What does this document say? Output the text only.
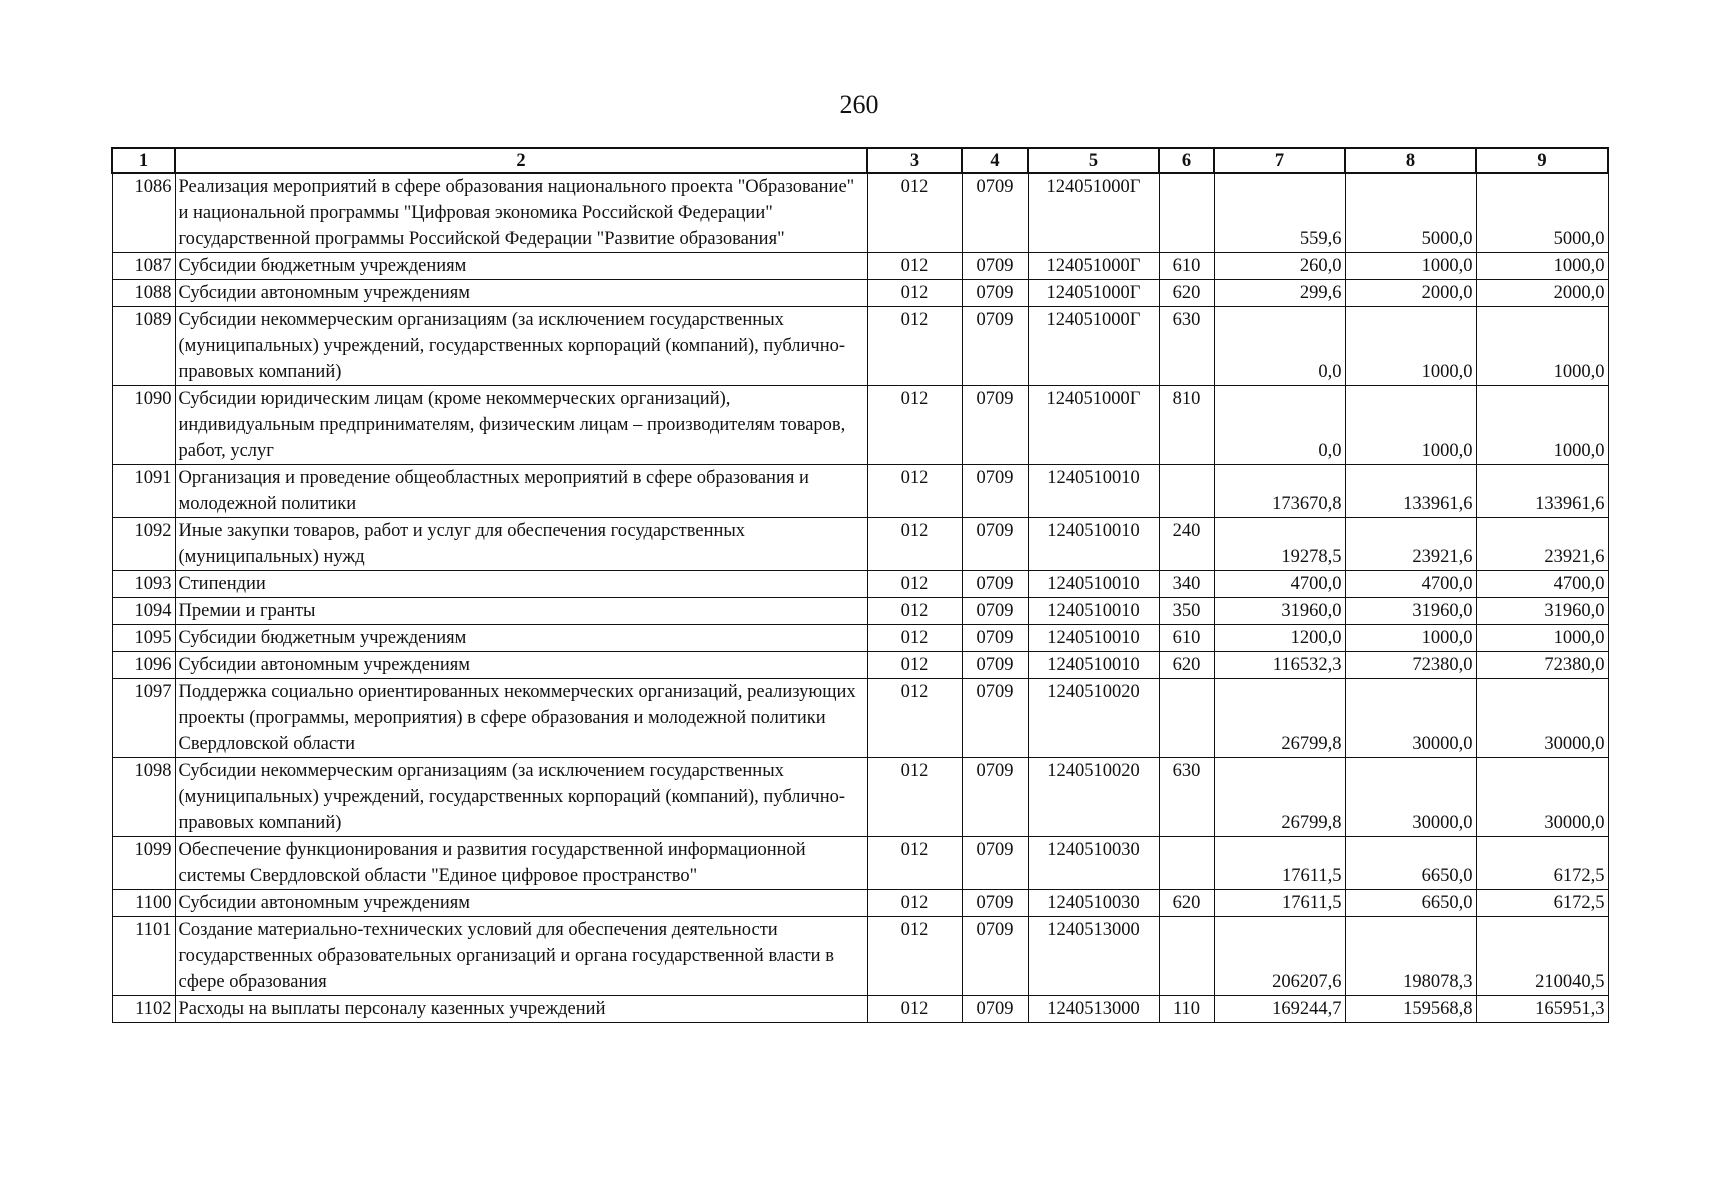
260
1	2	3	4	5	6	7	8	9
1086	Реализация мероприятий в сфере образования национального проекта "Образование" и национальной программы "Цифровая экономика Российской Федерации" государственной программы Российской Федерации "Развитие образования"	012	0709	124051000Г		559,6	5000,0	5000,0
1087	Субсидии бюджетным учреждениям	012	0709	124051000Г	610	260,0	1000,0	1000,0
1088	Субсидии автономным учреждениям	012	0709	124051000Г	620	299,6	2000,0	2000,0
1089	Субсидии некоммерческим организациям (за исключением государственных (муниципальных) учреждений, государственных корпораций (компаний), публично-правовых компаний)	012	0709	124051000Г	630	0,0	1000,0	1000,0
1090	Субсидии юридическим лицам (кроме некоммерческих организаций), индивидуальным предпринимателям, физическим лицам – производителям товаров, работ, услуг	012	0709	124051000Г	810	0,0	1000,0	1000,0
1091	Организация и проведение общеобластных мероприятий в сфере образования и молодежной политики	012	0709	1240510010		173670,8	133961,6	133961,6
1092	Иные закупки товаров, работ и услуг для обеспечения государственных (муниципальных) нужд	012	0709	1240510010	240	19278,5	23921,6	23921,6
1093	Стипендии	012	0709	1240510010	340	4700,0	4700,0	4700,0
1094	Премии и гранты	012	0709	1240510010	350	31960,0	31960,0	31960,0
1095	Субсидии бюджетным учреждениям	012	0709	1240510010	610	1200,0	1000,0	1000,0
1096	Субсидии автономным учреждениям	012	0709	1240510010	620	116532,3	72380,0	72380,0
1097	Поддержка социально ориентированных некоммерческих организаций, реализующих проекты (программы, мероприятия) в сфере образования и молодежной политики Свердловской области	012	0709	1240510020		26799,8	30000,0	30000,0
1098	Субсидии некоммерческим организациям (за исключением государственных (муниципальных) учреждений, государственных корпораций (компаний), публично-правовых компаний)	012	0709	1240510020	630	26799,8	30000,0	30000,0
1099	Обеспечение функционирования и развития государственной информационной системы Свердловской области "Единое цифровое пространство"	012	0709	1240510030		17611,5	6650,0	6172,5
1100	Субсидии автономным учреждениям	012	0709	1240510030	620	17611,5	6650,0	6172,5
1101	Создание материально-технических условий для обеспечения деятельности государственных образовательных организаций и органа государственной власти в сфере образования	012	0709	1240513000		206207,6	198078,3	210040,5
1102	Расходы на выплаты персоналу казенных учреждений	012	0709	1240513000	110	169244,7	159568,8	165951,3
